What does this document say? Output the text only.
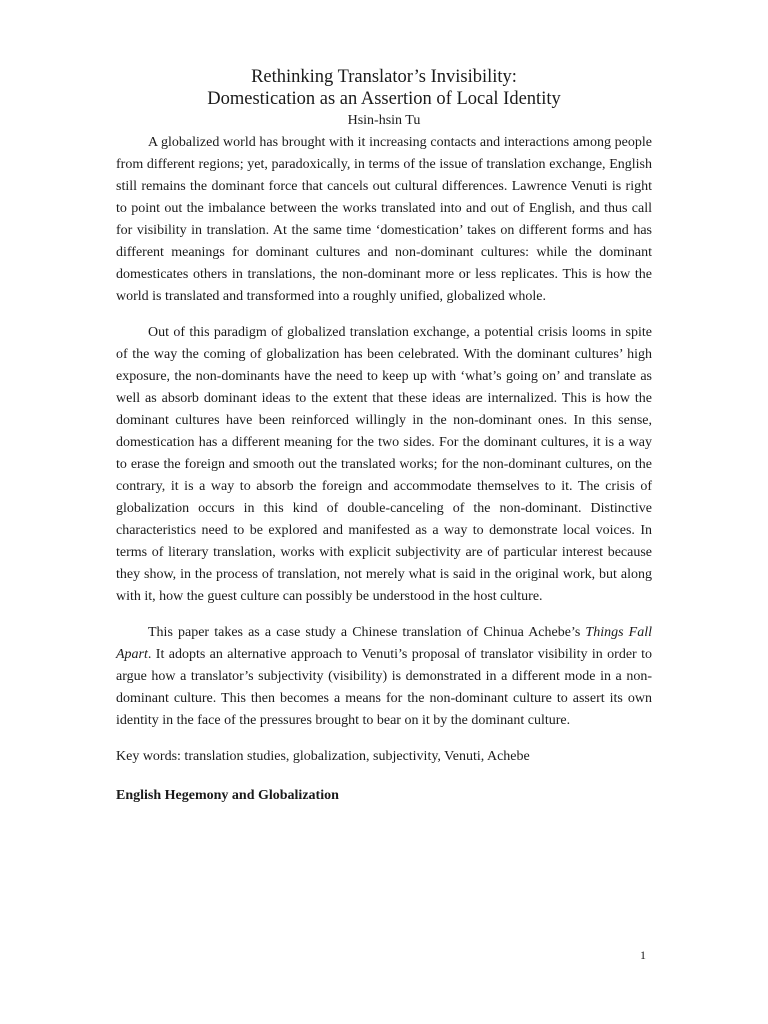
Rethinking Translator’s Invisibility:
Domestication as an Assertion of Local Identity

Hsin-hsin Tu

A globalized world has brought with it increasing contacts and interactions among people from different regions; yet, paradoxically, in terms of the issue of translation exchange, English still remains the dominant force that cancels out cultural differences. Lawrence Venuti is right to point out the imbalance between the works translated into and out of English, and thus call for visibility in translation. At the same time ‘domestication’ takes on different forms and has different meanings for dominant cultures and non-dominant cultures: while the dominant domesticates others in translations, the non-dominant more or less replicates. This is how the world is translated and transformed into a roughly unified, globalized whole.

Out of this paradigm of globalized translation exchange, a potential crisis looms in spite of the way the coming of globalization has been celebrated. With the dominant cultures’ high exposure, the non-dominants have the need to keep up with ‘what’s going on’ and translate as well as absorb dominant ideas to the extent that these ideas are internalized. This is how the dominant cultures have been reinforced willingly in the non-dominant ones. In this sense, domestication has a different meaning for the two sides. For the dominant cultures, it is a way to erase the foreign and smooth out the translated works; for the non-dominant cultures, on the contrary, it is a way to absorb the foreign and accommodate themselves to it. The crisis of globalization occurs in this kind of double-canceling of the non-dominant. Distinctive characteristics need to be explored and manifested as a way to demonstrate local voices. In terms of literary translation, works with explicit subjectivity are of particular interest because they show, in the process of translation, not merely what is said in the original work, but along with it, how the guest culture can possibly be understood in the host culture.

This paper takes as a case study a Chinese translation of Chinua Achebe’s Things Fall Apart. It adopts an alternative approach to Venuti’s proposal of translator visibility in order to argue how a translator’s subjectivity (visibility) is demonstrated in a different mode in a non-dominant culture. This then becomes a means for the non-dominant culture to assert its own identity in the face of the pressures brought to bear on it by the dominant culture.

Key words: translation studies, globalization, subjectivity, Venuti, Achebe

English Hegemony and Globalization

1
